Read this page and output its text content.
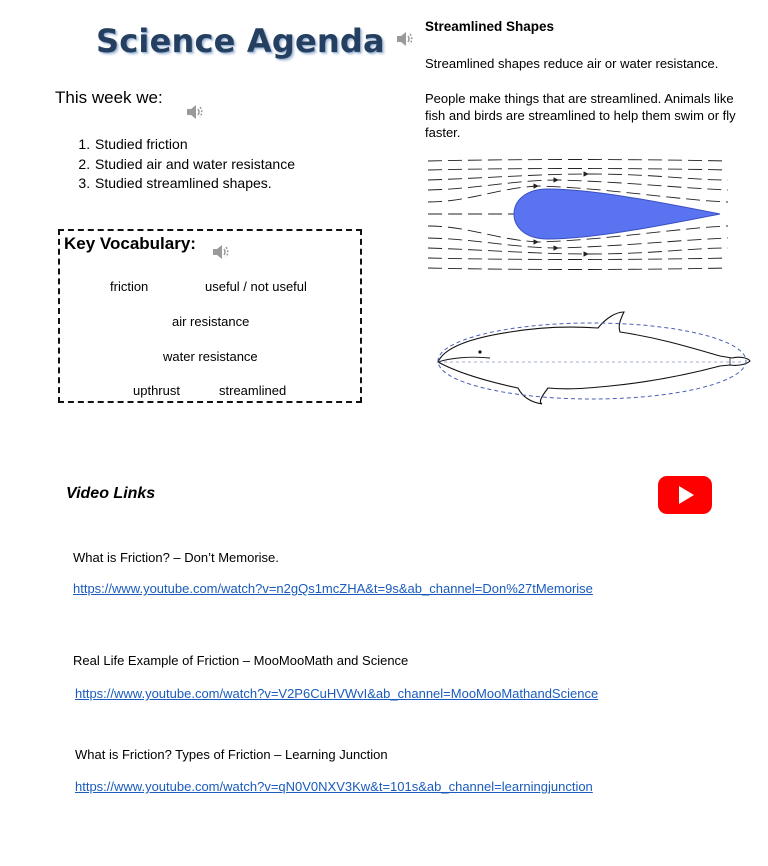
Science Agenda
This week we:
1. Studied friction
2. Studied air and water resistance
3. Studied streamlined shapes.
Key Vocabulary:
friction	useful / not useful
air resistance
water resistance
upthrust	streamlined
Streamlined Shapes
Streamlined shapes reduce air or water resistance.
People make things that are streamlined. Animals like fish and birds are streamlined to help them swim or fly faster.
Video Links
What is Friction? – Don’t Memorise.
https://www.youtube.com/watch?v=n2gQs1mcZHA&t=9s&ab_channel=Don%27tMemorise
Real Life Example of Friction – MooMooMath and Science
https://www.youtube.com/watch?v=V2P6CuHVWvI&ab_channel=MooMooMathandScience
What is Friction? Types of Friction – Learning Junction
https://www.youtube.com/watch?v=qN0V0NXV3Kw&t=101s&ab_channel=learningjunction
